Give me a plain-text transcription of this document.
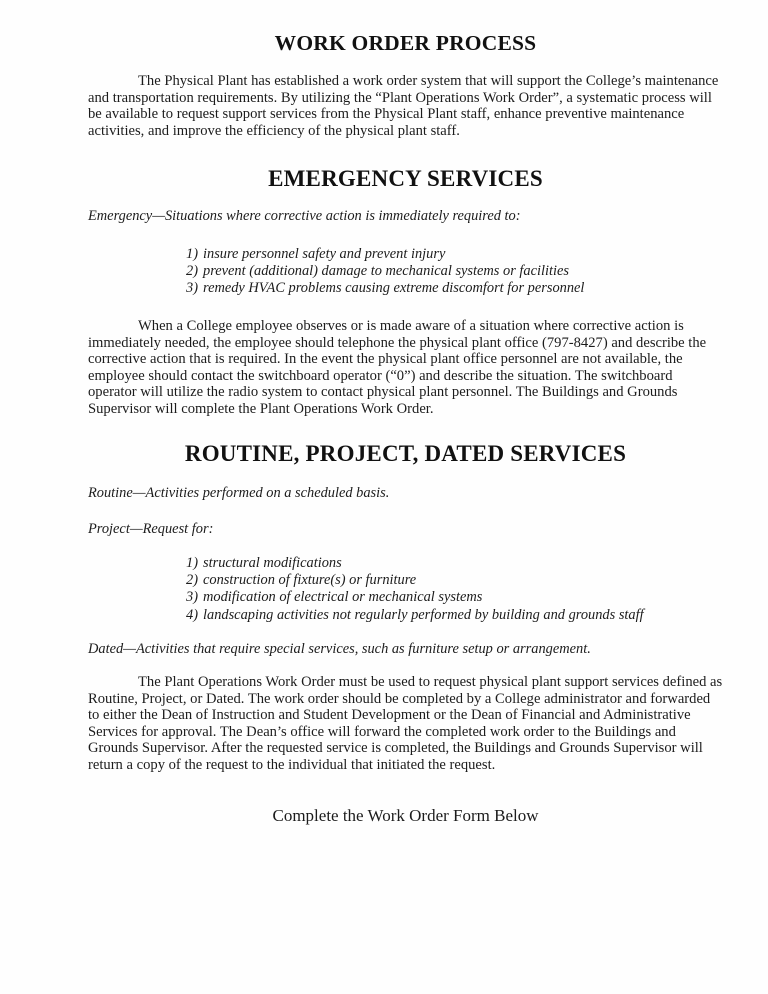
WORK ORDER PROCESS

The Physical Plant has established a work order system that will support the College’s maintenance and transportation requirements. By utilizing the “Plant Operations Work Order”, a systematic process will be available to request support services from the Physical Plant staff, enhance preventive maintenance activities, and improve the efficiency of the physical plant staff.

EMERGENCY SERVICES

Emergency—Situations where corrective action is immediately required to:

1) insure personnel safety and prevent injury
2) prevent (additional) damage to mechanical systems or facilities
3) remedy HVAC problems causing extreme discomfort for personnel

When a College employee observes or is made aware of a situation where corrective action is immediately needed, the employee should telephone the physical plant office (797-8427) and describe the corrective action that is required. In the event the physical plant office personnel are not available, the employee should contact the switchboard operator (“0”) and describe the situation. The switchboard operator will utilize the radio system to contact physical plant personnel. The Buildings and Grounds Supervisor will complete the Plant Operations Work Order.

ROUTINE, PROJECT, DATED SERVICES

Routine—Activities performed on a scheduled basis.

Project—Request for:

1) structural modifications
2) construction of fixture(s) or furniture
3) modification of electrical or mechanical systems
4) landscaping activities not regularly performed by building and grounds staff

Dated—Activities that require special services, such as furniture setup or arrangement.

The Plant Operations Work Order must be used to request physical plant support services defined as Routine, Project, or Dated. The work order should be completed by a College administrator and forwarded to either the Dean of Instruction and Student Development or the Dean of Financial and Administrative Services for approval. The Dean’s office will forward the completed work order to the Buildings and Grounds Supervisor. After the requested service is completed, the Buildings and Grounds Supervisor will return a copy of the request to the individual that initiated the request.

Complete the Work Order Form Below
